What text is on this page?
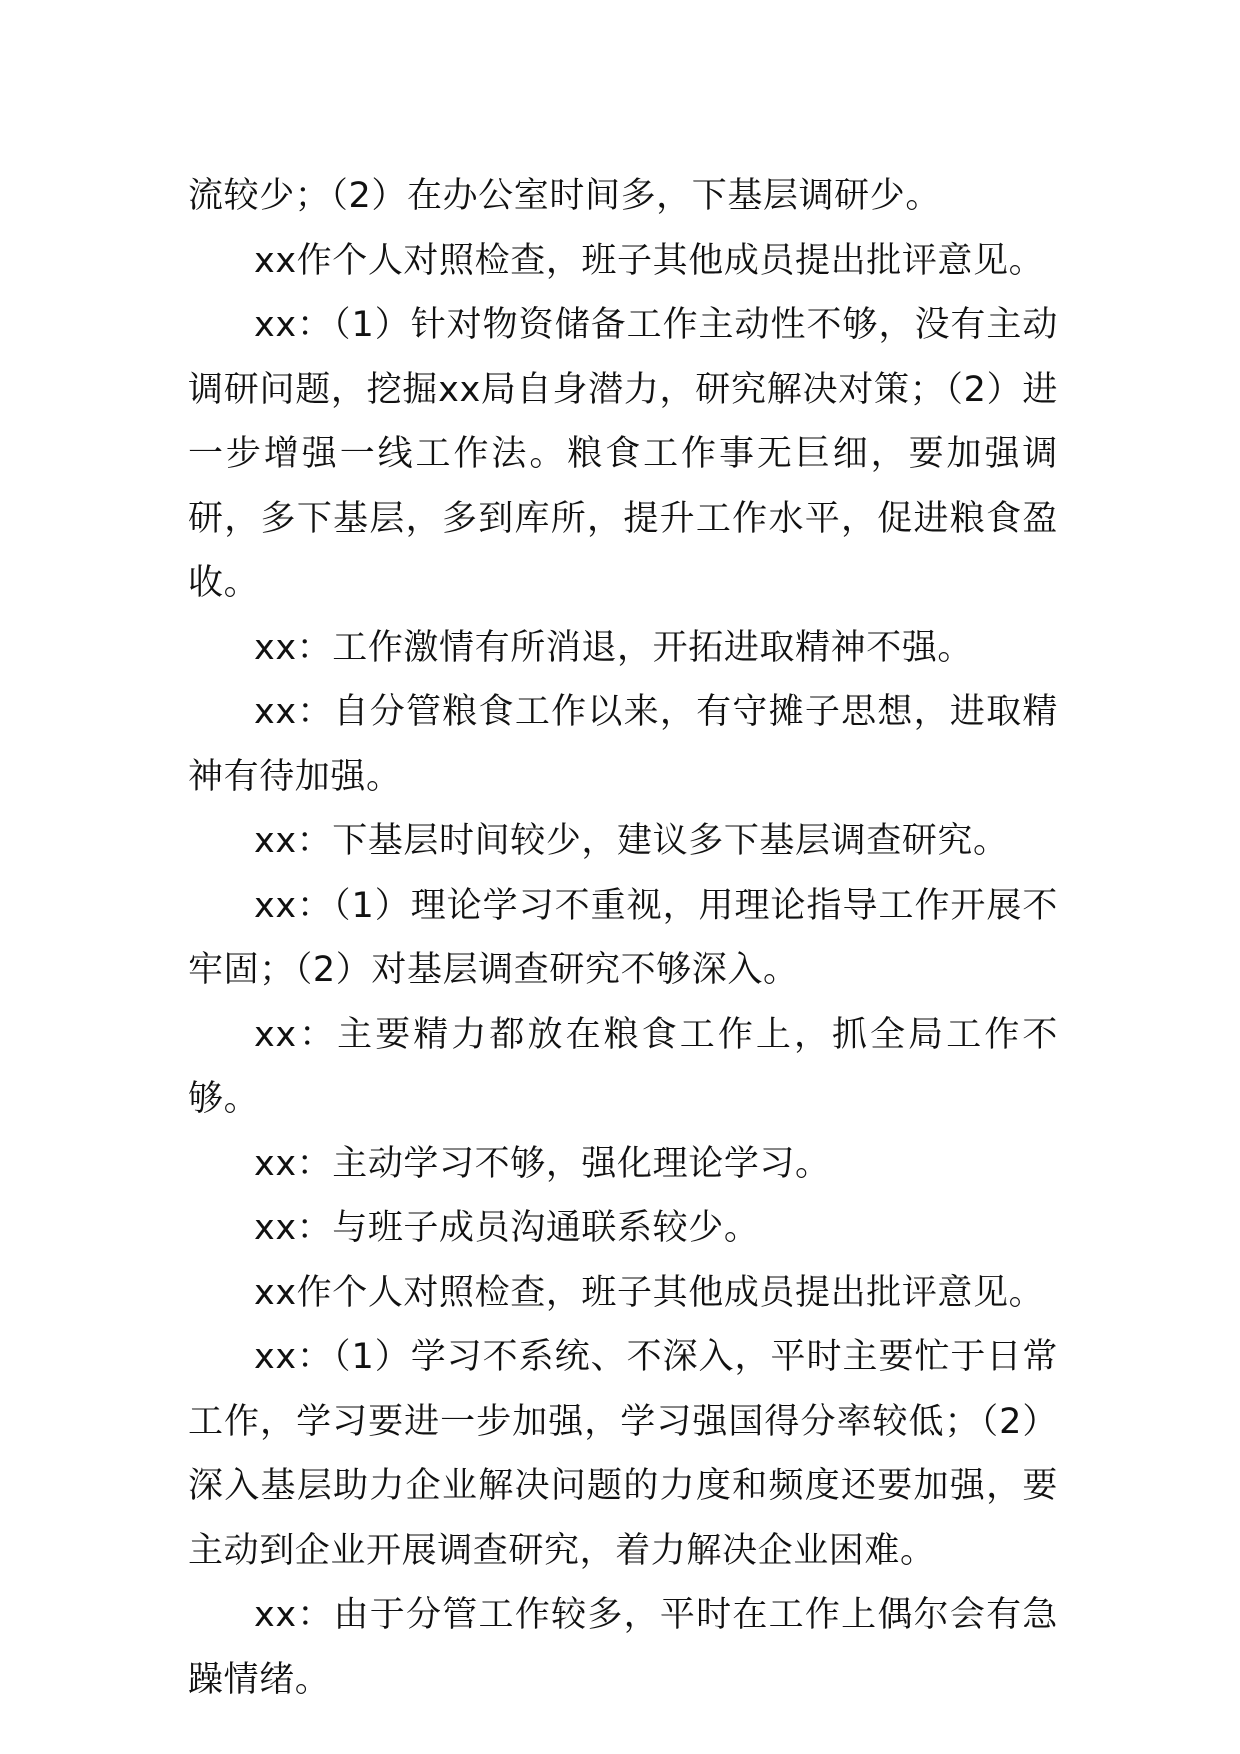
流较少；（2）在办公室时间多，下基层调研少。

xx作个人对照检查，班子其他成员提出批评意见。

xx：（1）针对物资储备工作主动性不够，没有主动调研问题，挖掘xx局自身潜力，研究解决对策；（2）进一步增强一线工作法。粮食工作事无巨细，要加强调研，多下基层，多到库所，提升工作水平，促进粮食盈收。

xx：工作激情有所消退，开拓进取精神不强。

xx：自分管粮食工作以来，有守摊子思想，进取精神有待加强。

xx：下基层时间较少，建议多下基层调查研究。

xx：（1）理论学习不重视，用理论指导工作开展不牢固；（2）对基层调查研究不够深入。

xx：主要精力都放在粮食工作上，抓全局工作不够。

xx：主动学习不够，强化理论学习。

xx：与班子成员沟通联系较少。

xx作个人对照检查，班子其他成员提出批评意见。

xx：（1）学习不系统、不深入，平时主要忙于日常工作，学习要进一步加强，学习强国得分率较低；（2）深入基层助力企业解决问题的力度和频度还要加强，要主动到企业开展调查研究，着力解决企业困难。

xx：由于分管工作较多，平时在工作上偶尔会有急躁情绪。
